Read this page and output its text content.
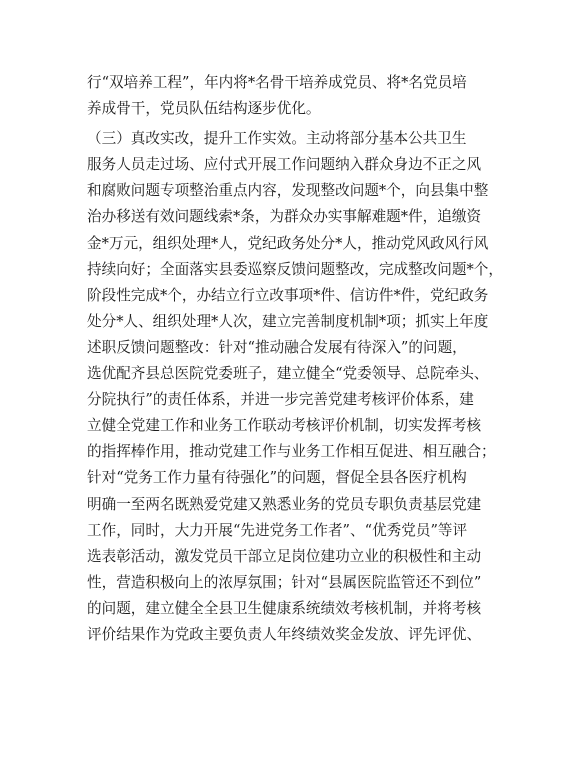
行“双培养工程”，年内将*名骨干培养成党员、将*名党员培
养成骨干，党员队伍结构逐步优化。
（三）真改实改，提升工作实效。主动将部分基本公共卫生
服务人员走过场、应付式开展工作问题纳入群众身边不正之风
和腐败问题专项整治重点内容，发现整改问题*个，向县集中整
治办移送有效问题线索*条，为群众办实事解难题*件，追缴资
金*万元，组织处理*人，党纪政务处分*人，推动党风政风行风
持续向好；全面落实县委巡察反馈问题整改，完成整改问题*个，
阶段性完成*个，办结立行立改事项*件、信访件*件，党纪政务
处分*人、组织处理*人次，建立完善制度机制*项；抓实上年度
述职反馈问题整改：针对“推动融合发展有待深入”的问题，
选优配齐县总医院党委班子，建立健全“党委领导、总院牵头、
分院执行”的责任体系，并进一步完善党建考核评价体系，建
立健全党建工作和业务工作联动考核评价机制，切实发挥考核
的指挥棒作用，推动党建工作与业务工作相互促进、相互融合；
针对“党务工作力量有待强化”的问题，督促全县各医疗机构
明确一至两名既熟爱党建又熟悉业务的党员专职负责基层党建
工作，同时，大力开展“先进党务工作者”、“优秀党员”等评
选表彰活动，激发党员干部立足岗位建功立业的积极性和主动
性，营造积极向上的浓厚氛围；针对“县属医院监管还不到位”
的问题，建立健全全县卫生健康系统绩效考核机制，并将考核
评价结果作为党政主要负责人年终绩效奖金发放、评先评优、
